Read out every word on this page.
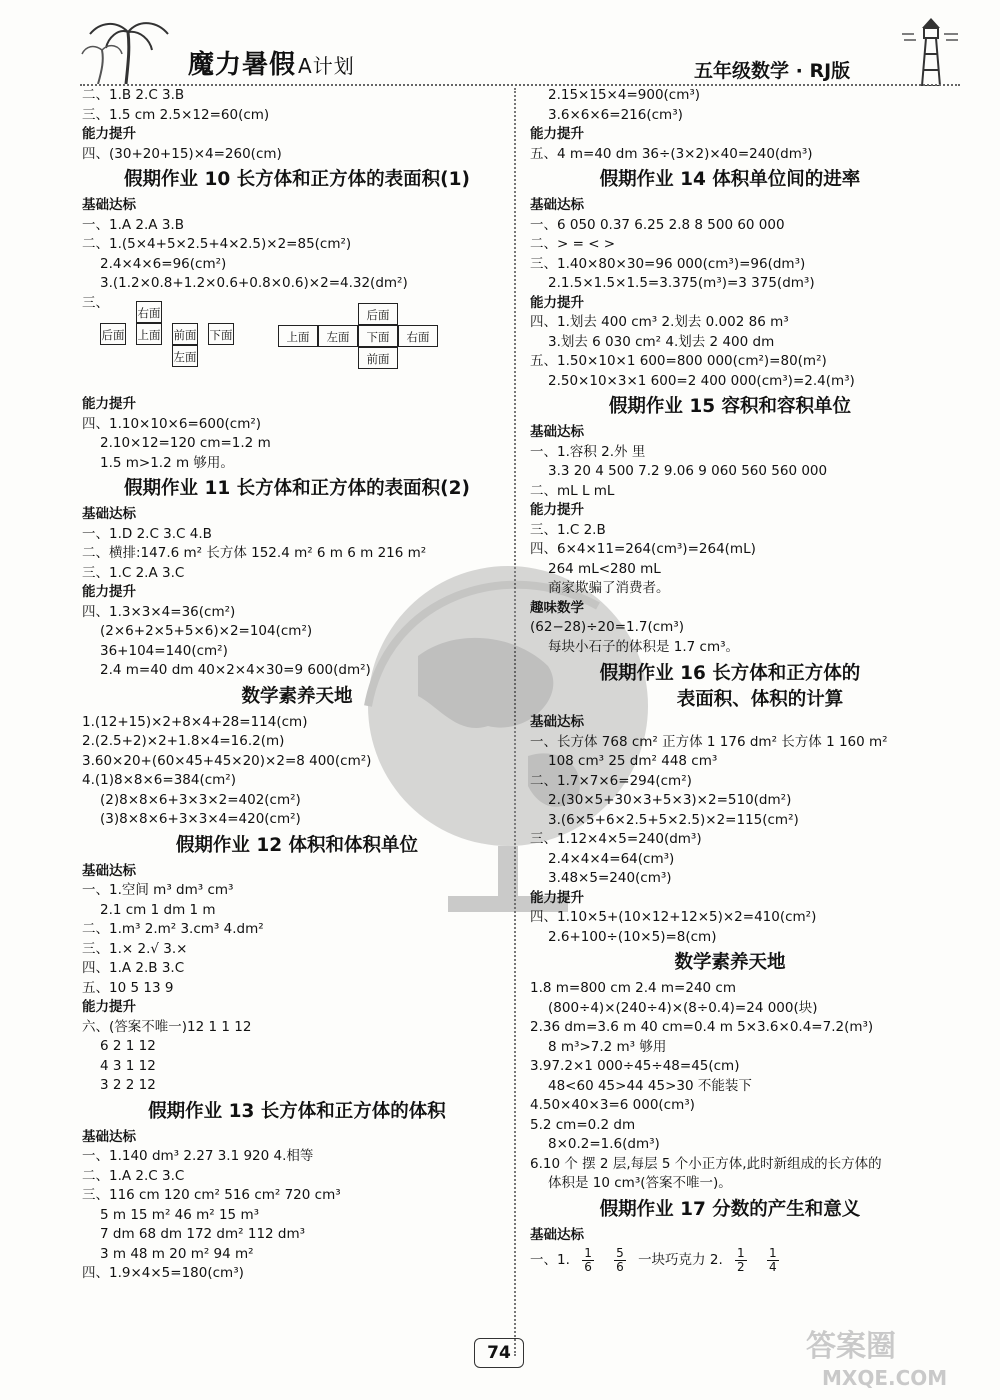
魔力暑假 A计划	五年级数学 · RJ版
二、1.B 2.C 3.B
三、1.5 cm 2.5×12=60(cm)
能力提升
四、(30+20+15)×4=260(cm)
假期作业 10 长方体和正方体的表面积(1)
基础达标
一、1.A 2.A 3.B
二、1.(5×4+5×2.5+4×2.5)×2=85(cm²)
2.4×4×6=96(cm²)
3.(1.2×0.8+1.2×0.6+0.8×0.6)×2=4.32(dm²)
三、
右面
后面 上面 前面 下面
左面
上面	左面	下面	右面
后面
前面
能力提升
四、1.10×10×6=600(cm²)
2.10×12=120 cm=1.2 m
1.5 m>1.2 m 够用。
假期作业 11 长方体和正方体的表面积(2)
基础达标
一、1.D 2.C 3.C 4.B
二、横排:147.6 m² 长方体 152.4 m² 6 m 6 m 216 m²
三、1.C 2.A 3.C
能力提升
四、1.3×3×4=36(cm²)
(2×6+2×5+5×6)×2=104(cm²)
36+104=140(cm²)
2.4 m=40 dm 40×2×4×30=9 600(dm²)
数学素养天地
1.(12+15)×2+8×4+28=114(cm)
2.(2.5+2)×2+1.8×4=16.2(m)
3.60×20+(60×45+45×20)×2=8 400(cm²)
4.(1)8×8×6=384(cm²)
(2)8×8×6+3×3×2=402(cm²)
(3)8×8×6+3×3×4=420(cm²)
假期作业 12 体积和体积单位
基础达标
一、1.空间 m³ dm³ cm³
2.1 cm 1 dm 1 m
二、1.m³ 2.m² 3.cm³ 4.dm²
三、1.× 2.√ 3.×
四、1.A 2.B 3.C
五、10 5 13 9
能力提升
六、(答案不唯一)12 1 1 12
6 2 1 12
4 3 1 12
3 2 2 12
假期作业 13 长方体和正方体的体积
基础达标
一、1.140 dm³ 2.27 3.1 920 4.相等
二、1.A 2.C 3.C
三、116 cm 120 cm² 516 cm² 720 cm³
5 m 15 m² 46 m² 15 m³
7 dm 68 dm 172 dm² 112 dm³
3 m 48 m 20 m² 94 m²
四、1.9×4×5=180(cm³)
2.15×15×4=900(cm³)
3.6×6×6=216(cm³)
能力提升
五、4 m=40 dm 36÷(3×2)×40=240(dm³)
假期作业 14 体积单位间的进率
基础达标
一、6 050 0.37 6.25 2.8 8 500 60 000
二、> = < >
三、1.40×80×30=96 000(cm³)=96(dm³)
2.1.5×1.5×1.5=3.375(m³)=3 375(dm³)
能力提升
四、1.划去 400 cm³ 2.划去 0.002 86 m³
3.划去 6 030 cm² 4.划去 2 400 dm
五、1.50×10×1 600=800 000(cm²)=80(m²)
2.50×10×3×1 600=2 400 000(cm³)=2.4(m³)
假期作业 15 容积和容积单位
基础达标
一、1.容积 2.外 里
3.3 20 4 500 7.2 9.06 9 060 560 560 000
二、mL L mL
能力提升
三、1.C 2.B
四、6×4×11=264(cm³)=264(mL)
264 mL<280 mL
商家欺骗了消费者。
趣味数学
(62−28)÷20=1.7(cm³)
每块小石子的体积是 1.7 cm³。
假期作业 16 长方体和正方体的
表面积、体积的计算
基础达标
一、长方体 768 cm² 正方体 1 176 dm² 长方体 1 160 m²
108 cm³ 25 dm² 448 cm³
二、1.7×7×6=294(cm²)
2.(30×5+30×3+5×3)×2=510(dm²)
3.(6×5+6×2.5+5×2.5)×2=115(cm²)
三、1.12×4×5=240(dm³)
2.4×4×4=64(cm³)
3.48×5=240(cm³)
能力提升
四、1.10×5+(10×12+12×5)×2=410(cm²)
2.6+100÷(10×5)=8(cm)
数学素养天地
1.8 m=800 cm 2.4 m=240 cm
(800÷4)×(240÷4)×(8÷0.4)=24 000(块)
2.36 dm=3.6 m 40 cm=0.4 m 5×3.6×0.4=7.2(m³)
8 m³>7.2 m³ 够用
3.97.2×1 000÷45÷48=45(cm)
48<60 45>44 45>30 不能装下
4.50×40×3=6 000(cm³)
5.2 cm=0.2 dm
8×0.2=1.6(dm³)
6.10 个 摆 2 层,每层 5 个小正方体,此时新组成的长方体的
体积是 10 cm³(答案不唯一)。
假期作业 17 分数的产生和意义
基础达标
一、1. $\frac{1}{6}$
$\frac{5}{6}$ 一块巧克力 2. $\frac{1}{2}$
$\frac{1}{4}$
74	答案圈
MXQE.COM
